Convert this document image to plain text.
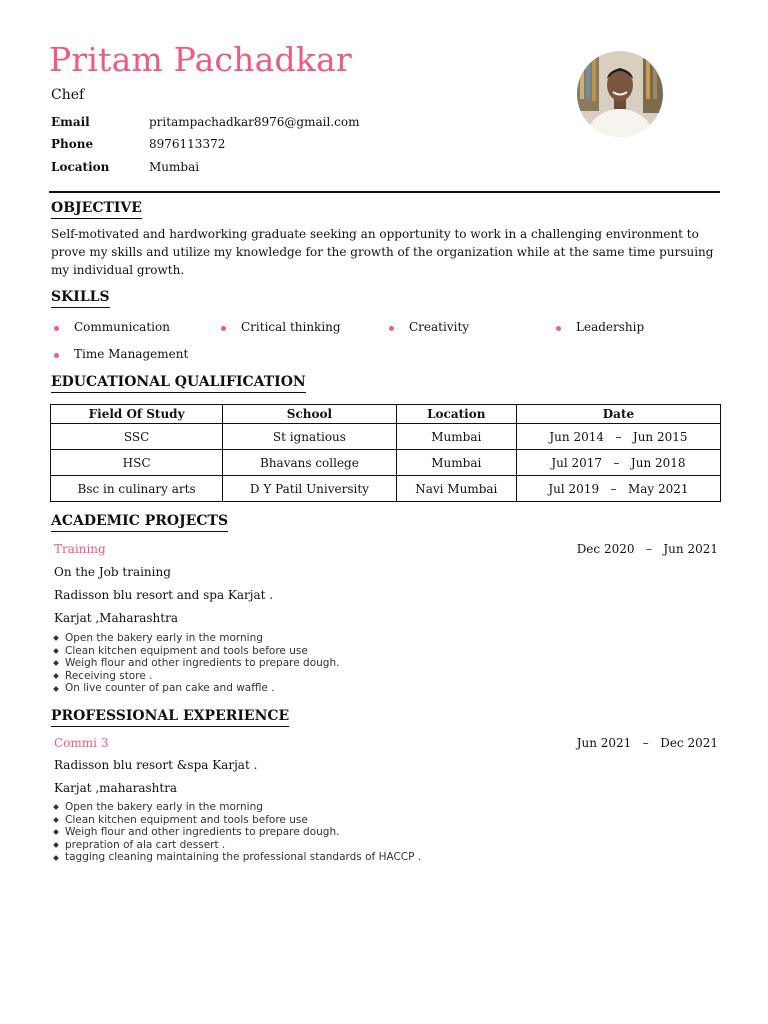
Pritam Pachadkar
Chef
Email	pritampachadkar8976@gmail.com
Phone	8976113372
Location	Mumbai
OBJECTIVE
Self-motivated and hardworking graduate seeking an opportunity to work in a challenging environment to prove my skills and utilize my knowledge for the growth of the organization while at the same time pursuing my individual growth.
SKILLS
Communication	Critical thinking	Creativity	Leadership
Time Management
EDUCATIONAL QUALIFICATION
Field Of Study	School	Location	Date
SSC	St ignatious	Mumbai	Jun 2014   –   Jun 2015
HSC	Bhavans college	Mumbai	Jul 2017   –   Jun 2018
Bsc in culinary arts	D Y Patil University	Navi Mumbai	Jul 2019   –   May 2021
ACADEMIC PROJECTS
Training	Dec 2020   –   Jun 2021
On the Job training
Radisson blu resort and spa Karjat .
Karjat ,Maharashtra
Open the bakery early in the morning
Clean kitchen equipment and tools before use
Weigh flour and other ingredients to prepare dough.
Receiving store .
On live counter of pan cake and waffle .
PROFESSIONAL EXPERIENCE
Commi 3	Jun 2021   –   Dec 2021
Radisson blu resort &spa Karjat .
Karjat ,maharashtra
Open the bakery early in the morning
Clean kitchen equipment and tools before use
Weigh flour and other ingredients to prepare dough.
prepration of ala cart dessert .
tagging cleaning maintaining the professional standards of HACCP .
